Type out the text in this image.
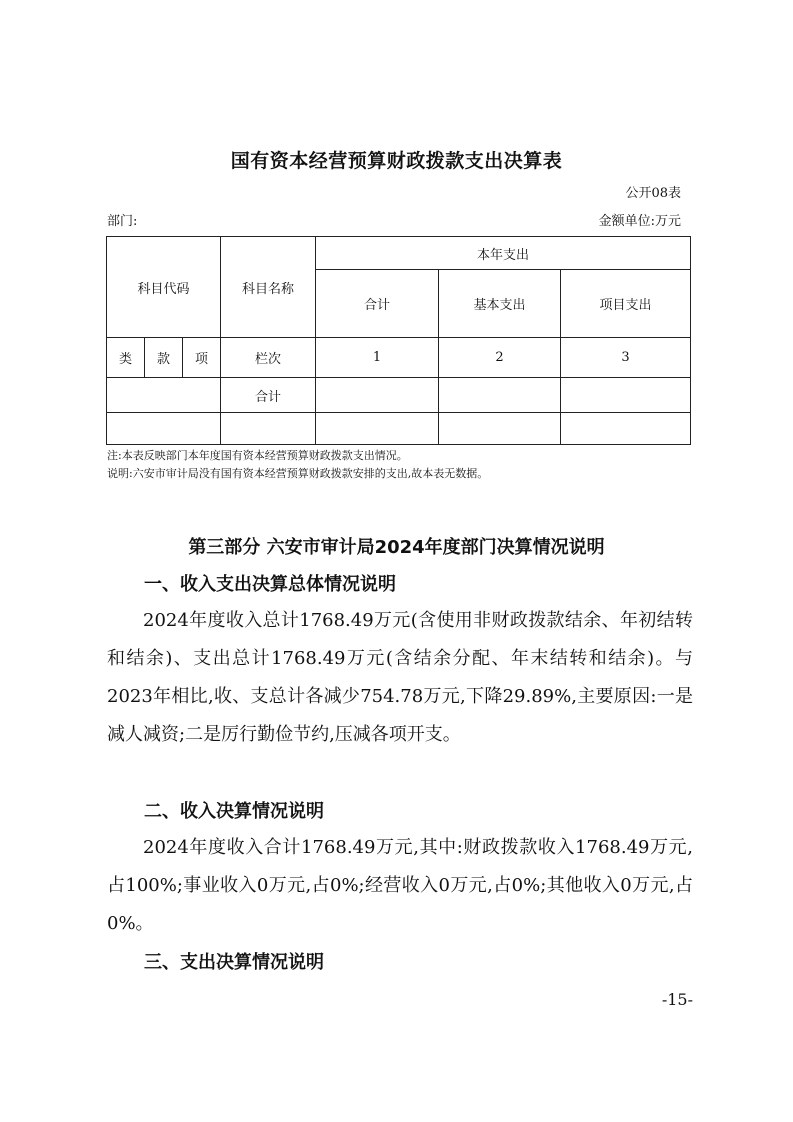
国有资本经营预算财政拨款支出决算表
公开08表
部门:	金额单位:万元
科目代码			科目名称	本年支出		
				合计	基本支出	项目支出
类	款	项	栏次	1	2	3
			合计			

注:本表反映部门本年度国有资本经营预算财政拨款支出情况。
说明:六安市审计局没有国有资本经营预算财政拨款安排的支出,故本表无数据。
第三部分 六安市审计局2024年度部门决算情况说明
一、收入支出决算总体情况说明
2024年度收入总计1768.49万元(含使用非财政拨款结余、年初结转和结余)、支出总计1768.49万元(含结余分配、年末结转和结余)。与2023年相比,收、支总计各减少754.78万元,下降29.89%,主要原因:一是减人减资;二是厉行勤俭节约,压减各项开支。
二、收入决算情况说明
2024年度收入合计1768.49万元,其中:财政拨款收入1768.49万元,占100%;事业收入0万元,占0%;经营收入0万元,占0%;其他收入0万元,占0%。
三、支出决算情况说明
-15-
